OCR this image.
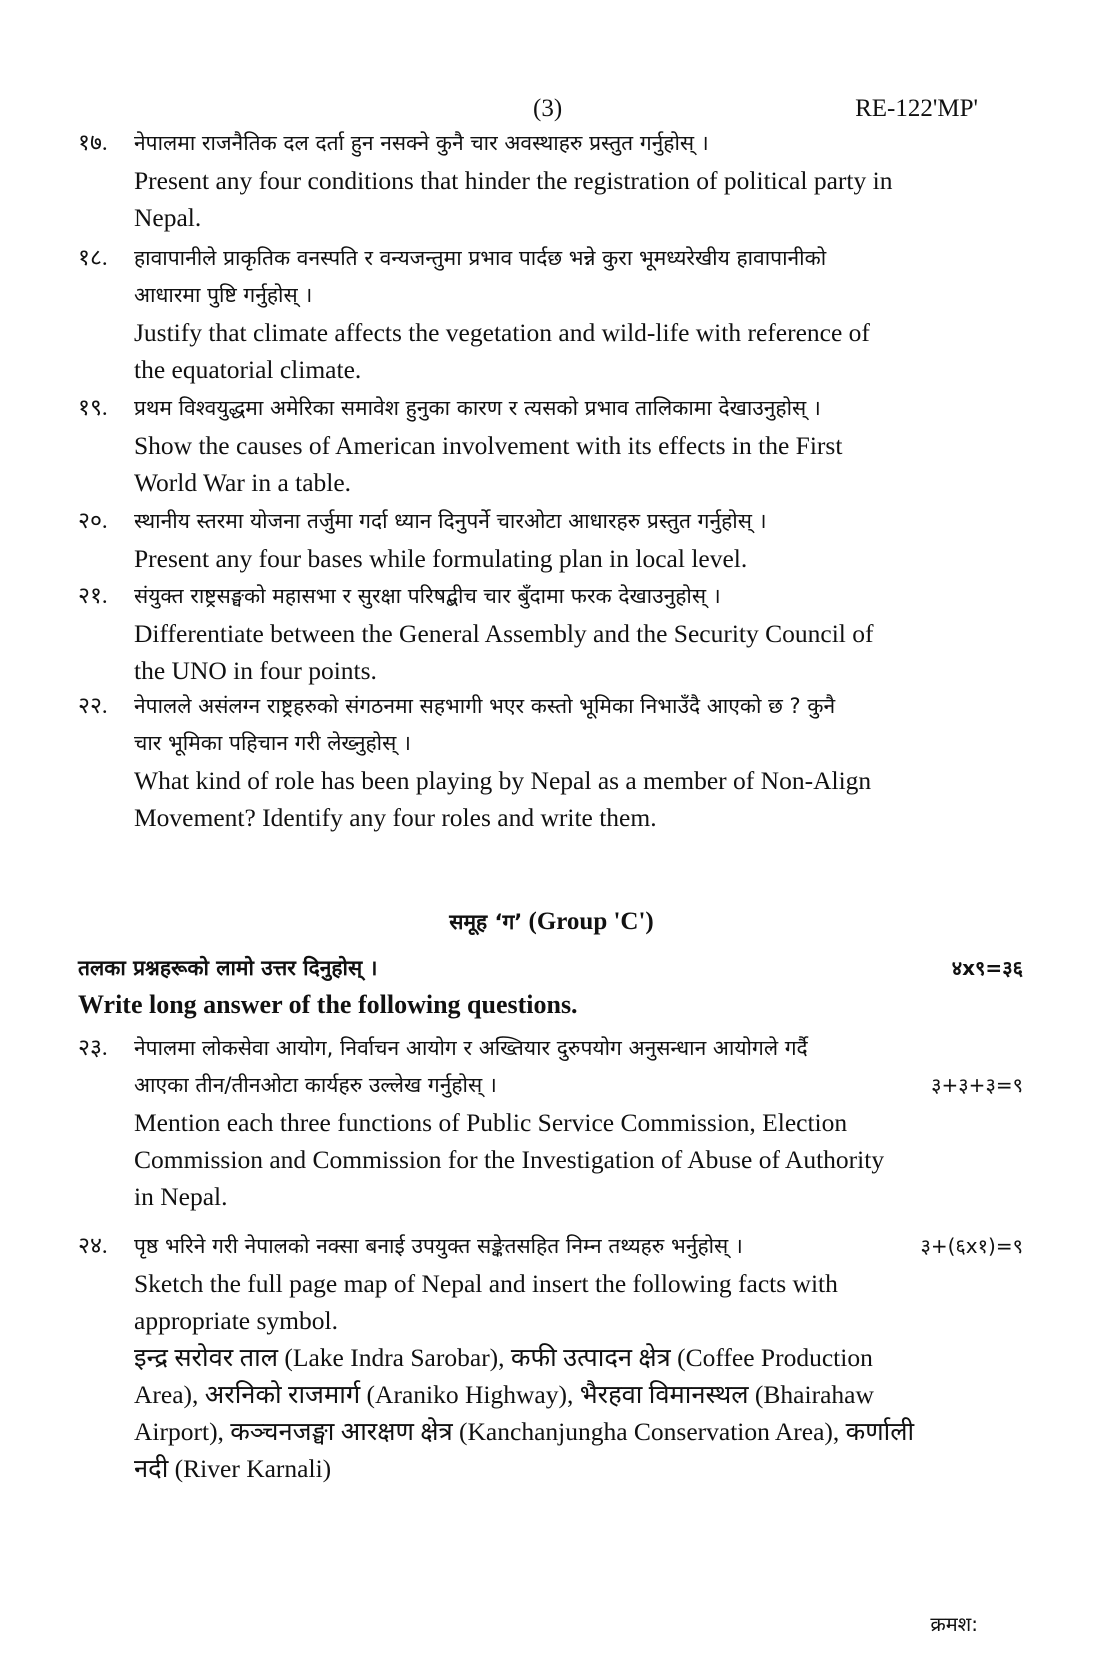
(3)	RE-122'MP'
१७.	नेपालमा राजनैतिक दल दर्ता हुन नसक्ने कुनै चार अवस्थाहरु प्रस्तुत गर्नुहोस् ।

Present any four conditions that hinder the registration of political party in

Nepal.

१८.	हावापानीले प्राकृतिक वनस्पति र वन्यजन्तुमा प्रभाव पार्दछ भन्ने कुरा भूमध्यरेखीय हावापानीको

आधारमा पुष्टि गर्नुहोस् ।

Justify that climate affects the vegetation and wild-life with reference of

the equatorial climate.

१९.	प्रथम विश्वयुद्धमा अमेरिका समावेश हुनुका कारण र त्यसको प्रभाव तालिकामा देखाउनुहोस् ।

Show the causes of American involvement with its effects in the First

World War in a table.

२०.	स्थानीय स्तरमा योजना तर्जुमा गर्दा ध्यान दिनुपर्ने चारओटा आधारहरु प्रस्तुत गर्नुहोस् ।

Present any four bases while formulating plan in local level.

२१.	संयुक्त राष्ट्रसङ्घको महासभा र सुरक्षा परिषद्बीच चार बुँदामा फरक देखाउनुहोस् ।

Differentiate between the General Assembly and the Security Council of

the UNO in four points.

२२.	नेपालले असंलग्न राष्ट्रहरुको संगठनमा सहभागी भएर कस्तो भूमिका निभाउँदै आएको छ ? कुनै

चार भूमिका पहिचान गरी लेख्नुहोस् ।

What kind of role has been playing by Nepal as a member of Non-Align

Movement? Identify any four roles and write them.

समूह ‘ग’ (Group 'C')
तलका प्रश्नहरूको लामो उत्तर दिनुहोस् ।	४x९=३६
Write long answer of the following questions.
२३.	नेपालमा लोकसेवा आयोग, निर्वाचन आयोग र अख्तियार दुरुपयोग अनुसन्धान आयोगले गर्दै

आएका तीन/तीनओटा कार्यहरु उल्लेख गर्नुहोस् ।	३+३+३=९

Mention each three functions of Public Service Commission, Election

Commission and Commission for the Investigation of Abuse of Authority

in Nepal.

२४.	पृष्ठ भरिने गरी नेपालको नक्सा बनाई उपयुक्त सङ्केतसहित निम्न तथ्यहरु भर्नुहोस् ।	३+(६x१)=९

Sketch the full page map of Nepal and insert the following facts with

appropriate symbol.

इन्द्र सरोवर ताल (Lake Indra Sarobar), कफी उत्पादन क्षेत्र (Coffee Production

Area), अरनिको राजमार्ग (Araniko Highway), भैरहवा विमानस्थल (Bhairahaw

Airport), कञ्चनजङ्घा आरक्षण क्षेत्र (Kanchanjungha Conservation Area), कर्णाली

नदी (River Karnali)

क्रमश:
